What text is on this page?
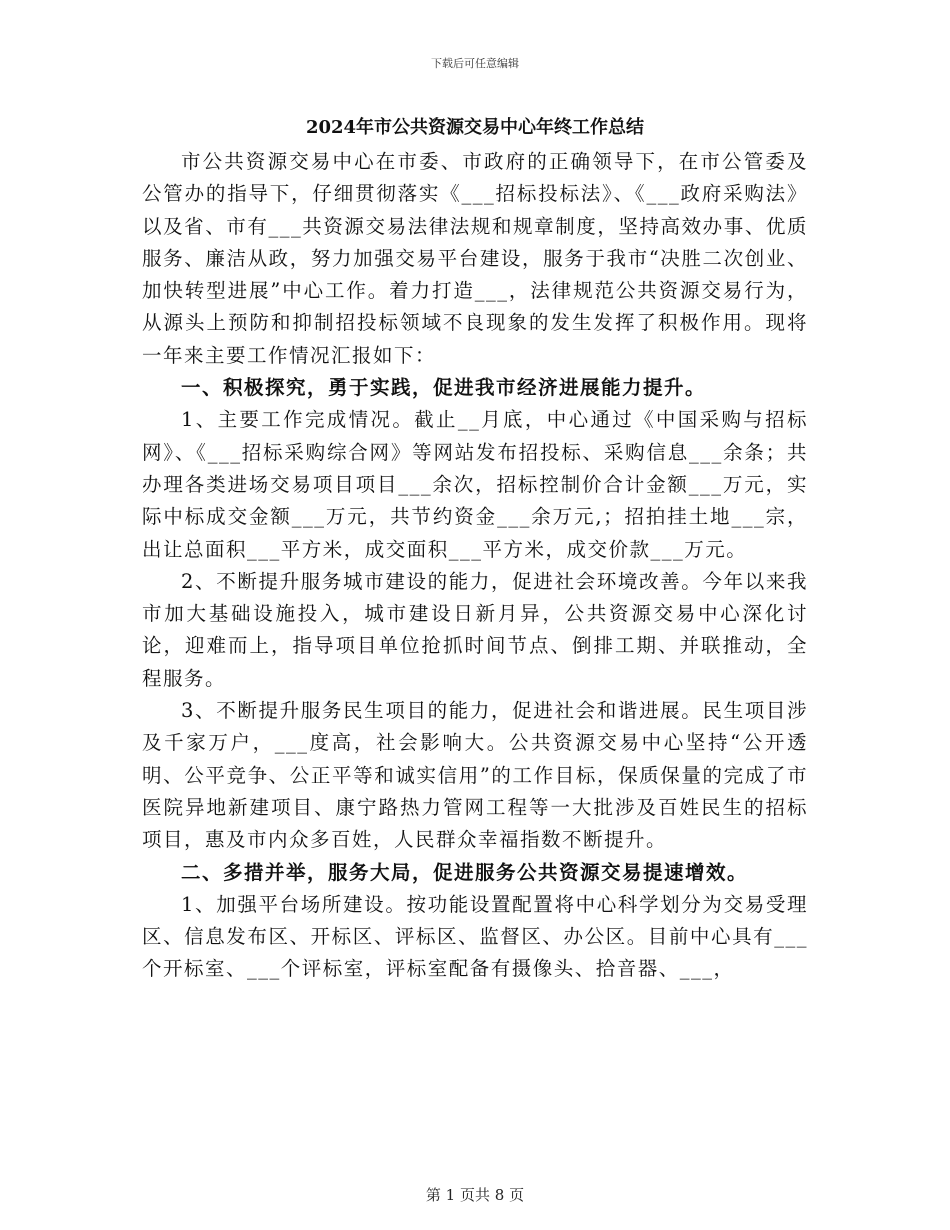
下载后可任意编辑
2024年市公共资源交易中心年终工作总结

市公共资源交易中心在市委、市政府的正确领导下，在市公管委及公管办的指导下，仔细贯彻落实《___招标投标法》、《___政府采购法》以及省、市有___共资源交易法律法规和规章制度，坚持高效办事、优质服务、廉洁从政，努力加强交易平台建设，服务于我市“决胜二次创业、加快转型进展”中心工作。着力打造___，法律规范公共资源交易行为，从源头上预防和抑制招投标领域不良现象的发生发挥了积极作用。现将一年来主要工作情况汇报如下：

一、积极探究，勇于实践，促进我市经济进展能力提升。

1、主要工作完成情况。截止__月底，中心通过《中国采购与招标网》、《___招标采购综合网》等网站发布招投标、采购信息___余条；共办理各类进场交易项目项目___余次，招标控制价合计金额___万元，实际中标成交金额___万元，共节约资金___余万元,；招拍挂土地___宗，出让总面积___平方米，成交面积___平方米，成交价款___万元。

2、不断提升服务城市建设的能力，促进社会环境改善。今年以来我市加大基础设施投入，城市建设日新月异，公共资源交易中心深化讨论，迎难而上，指导项目单位抢抓时间节点、倒排工期、并联推动，全程服务。

3、不断提升服务民生项目的能力，促进社会和谐进展。民生项目涉及千家万户，___度高，社会影响大。公共资源交易中心坚持“公开透明、公平竞争、公正平等和诚实信用”的工作目标，保质保量的完成了市医院异地新建项目、康宁路热力管网工程等一大批涉及百姓民生的招标项目，惠及市内众多百姓，人民群众幸福指数不断提升。

二、多措并举，服务大局，促进服务公共资源交易提速增效。

1、加强平台场所建设。按功能设置配置将中心科学划分为交易受理区、信息发布区、开标区、评标区、监督区、办公区。目前中心具有___个开标室、___个评标室，评标室配备有摄像头、拾音器、___，

第 1 页共 8 页
